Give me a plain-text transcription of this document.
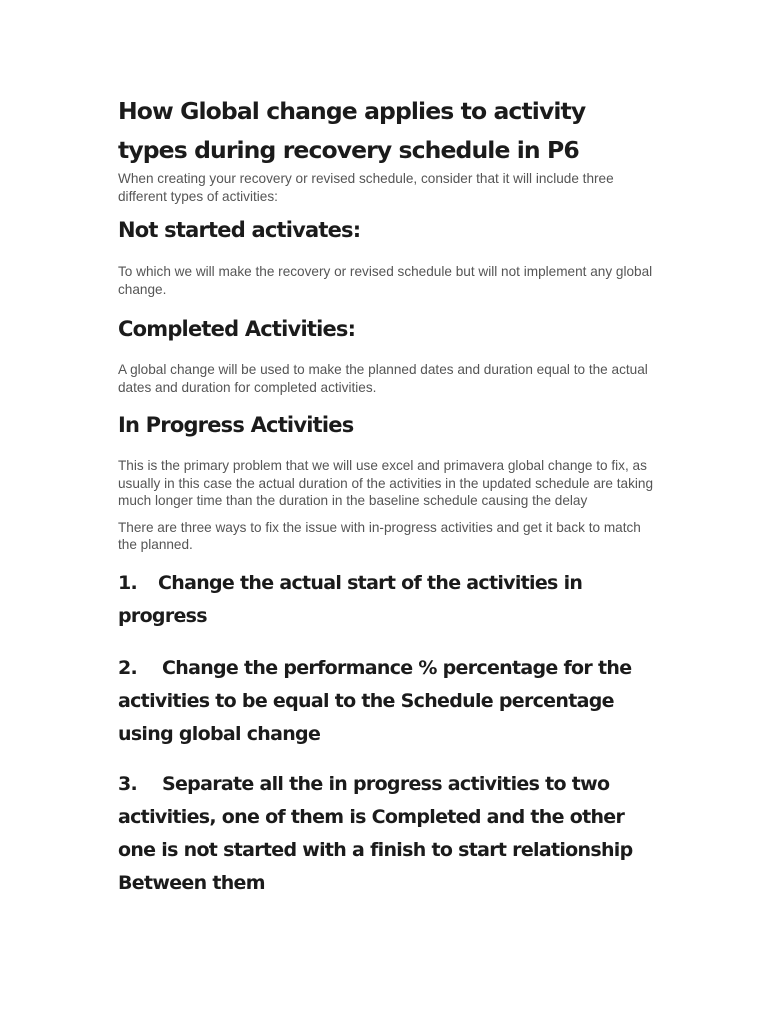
How Global change applies to activity types during recovery schedule in P6

When creating your recovery or revised schedule, consider that it will include three different types of activities:

Not started activates:

To which we will make the recovery or revised schedule but will not implement any global change.

Completed Activities:

A global change will be used to make the planned dates and duration equal to the actual dates and duration for completed activities.

In Progress Activities

This is the primary problem that we will use excel and primavera global change to fix, as usually in this case the actual duration of the activities in the updated schedule are taking much longer time than the duration in the baseline schedule causing the delay

There are three ways to fix the issue with in-progress activities and get it back to match the planned.

1. Change the actual start of the activities in progress
2. Change the performance % percentage for the activities to be equal to the Schedule percentage using global change
3. Separate all the in progress activities to two activities, one of them is Completed and the other one is not started with a finish to start relationship Between them
